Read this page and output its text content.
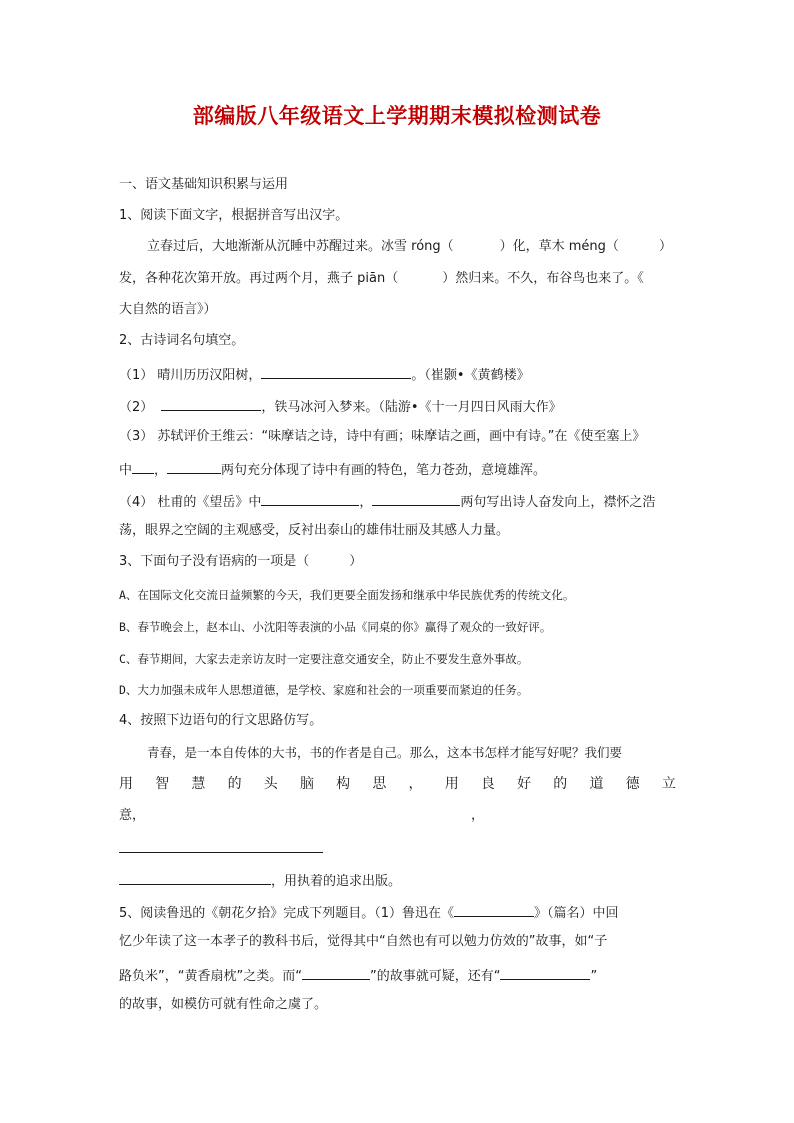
部编版八年级语文上学期期末模拟检测试卷
一、语文基础知识积累与运用
1、阅读下面文字，根据拼音写出汉字。
立春过后，大地渐渐从沉睡中苏醒过来。冰雪 róng（	）化，草木 méng（	）
发，各种花次第开放。再过两个月，燕子 piān（	）然归来。不久，布谷鸟也来了。《
大自然的语言》）
2、古诗词名句填空。
（1） 晴川历历汉阳树，	。（崔颢•《黄鹤楼》
（2）	，铁马冰河入梦来。（陆游•《十一月四日风雨大作》
（3） 苏轼评价王维云：“味摩诘之诗，诗中有画；味摩诘之画，画中有诗。”在《使至塞上》
中 ，	两句充分体现了诗中有画的特色，笔力苍劲，意境雄浑。
（4） 杜甫的《望岳》中	，	两句写出诗人奋发向上，襟怀之浩
荡，眼界之空阔的主观感受，反衬出泰山的雄伟壮丽及其感人力量。
3、下面句子没有语病的一项是（	）
A、在国际文化交流日益频繁的今天，我们更要全面发扬和继承中华民族优秀的传统文化。
B、春节晚会上，赵本山、小沈阳等表演的小品《同桌的你》赢得了观众的一致好评。
C、春节期间，大家去走亲访友时一定要注意交通安全，防止不要发生意外事故。
D、大力加强未成年人思想道德，是学校、家庭和社会的一项重要而紧迫的任务。
4、按照下边语句的行文思路仿写。
青春，是一本自传体的大书，书的作者是自己。那么，这本书怎样才能写好呢？我们要
用 智 慧 的 头 脑 构 思 ， 用 良 好 的 道 德 立
意，	，
，用执着的追求出版。
5、阅读鲁迅的《朝花夕拾》完成下列题目。（1）鲁迅在《	》（篇名）中回
忆少年读了这一本孝子的教科书后，觉得其中“自然也有可以勉力仿效的”故事，如“子
路负米”，“黄香扇枕”之类。而“	”的故事就可疑，还有“	”
的故事，如模仿可就有性命之虞了。
